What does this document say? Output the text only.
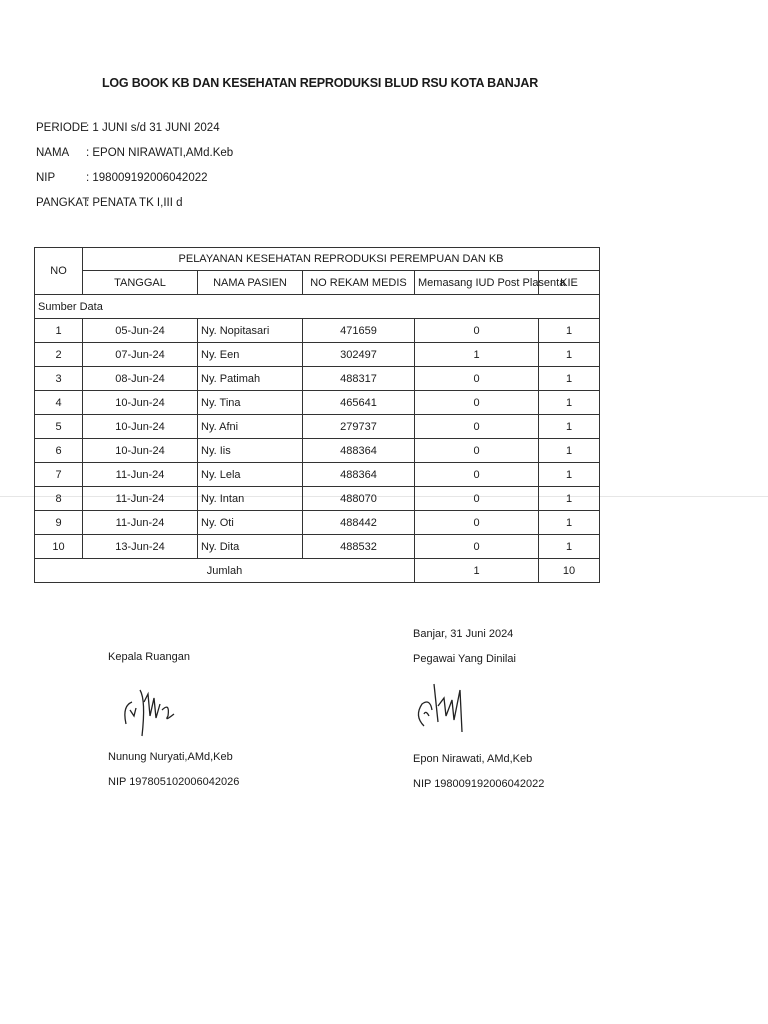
LOG BOOK KB DAN KESEHATAN REPRODUKSI BLUD RSU KOTA BANJAR
PERIODE
: 1 JUNI s/d 31 JUNI 2024
NAMA	: EPON NIRAWATI,AMd.Keb
NIP	: 198009192006042022
PANGKAT
: PENATA TK I,III d
NO	PELAYANAN KESEHATAN REPRODUKSI PEREMPUAN DAN KB				
	TANGGAL	NAMA PASIEN	NO REKAM MEDIS	Memasang IUD Post Plasenta	KIE
Sumber Data					
1	05-Jun-24	Ny. Nopitasari	471659	0	1
2	07-Jun-24	Ny. Een	302497	1	1
3	08-Jun-24	Ny. Patimah	488317	0	1
4	10-Jun-24	Ny. Tina	465641	0	1
5	10-Jun-24	Ny. Afni	279737	0	1
6	10-Jun-24	Ny. Iis	488364	0	1
7	11-Jun-24	Ny. Lela	488364	0	1
8	11-Jun-24	Ny. Intan	488070	0	1
9	11-Jun-24	Ny. Oti	488442	0	1
10	13-Jun-24	Ny. Dita	488532	0	1
Jumlah				1	10
Kepala Ruangan
Nunung Nuryati,AMd,Keb
NIP 197805102006042026
Banjar, 31 Juni 2024
Pegawai Yang Dinilai
Epon Nirawati, AMd,Keb
NIP 198009192006042022
